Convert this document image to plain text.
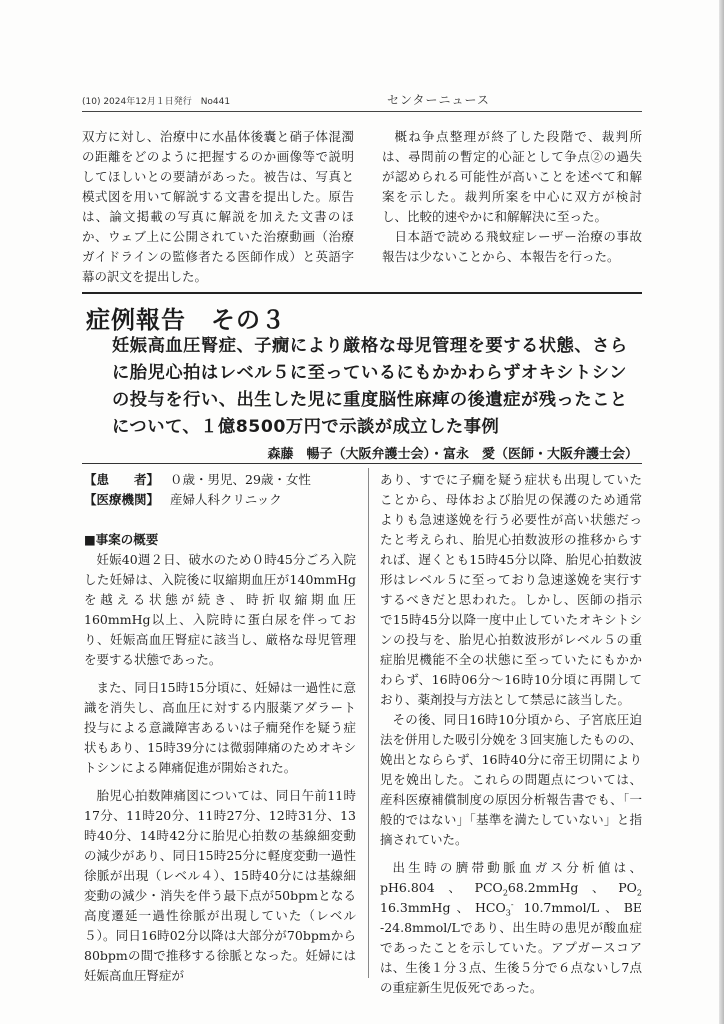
(10) 2024年12月１日発行　No441	センターニュース

双方に対し、治療中に水晶体後囊と硝子体混濁の距離をどのように把握するのか画像等で説明してほしいとの要請があった。被告は、写真と模式図を用いて解説する文書を提出した。原告は、論文掲載の写真に解説を加えた文書のほか、ウェブ上に公開されていた治療動画（治療ガイドラインの監修者たる医師作成）と英語字幕の訳文を提出した。

概ね争点整理が終了した段階で、裁判所は、尋問前の暫定的心証として争点②の過失が認められる可能性が高いことを述べて和解案を示した。裁判所案を中心に双方が検討し、比較的速やかに和解解決に至った。

日本語で読める飛蚊症レーザー治療の事故報告は少ないことから、本報告を行った。

症例報告　その３
妊娠高血圧腎症、子癇により厳格な母児管理を要する状態、さらに胎児心拍はレベル５に至っているにもかかわらずオキシトシンの投与を行い、出生した児に重度脳性麻痺の後遺症が残ったことについて、１億8500万円で示談が成立した事例
森藤　暢子（大阪弁護士会）・富永　愛（医師・大阪弁護士会）
【患　　者】 ０歳・男児、29歳・女性
【医療機関】 産婦人科クリニック

■事案の概要

妊娠40週２日、破水のため０時45分ごろ入院した妊婦は、入院後に収縮期血圧が140mmHgを越える状態が続き、時折収縮期血圧160mmHg以上、入院時に蛋白尿を伴っており、妊娠高血圧腎症に該当し、厳格な母児管理を要する状態であった。

また、同日15時15分頃に、妊婦は一過性に意識を消失し、高血圧に対する内服薬アダラート投与による意識障害あるいは子癇発作を疑う症状もあり、15時39分には微弱陣痛のためオキシトシンによる陣痛促進が開始された。

胎児心拍数陣痛図については、同日午前11時17分、11時20分、11時27分、12時31分、13時40分、14時42分に胎児心拍数の基線細変動の減少があり、同日15時25分に軽度変動一過性徐脈が出現（レベル４）、15時40分には基線細変動の減少・消失を伴う最下点が50bpmとなる高度遷延一過性徐脈が出現していた（レベル５）。同日16時02分以降は大部分が70bpmから80bpmの間で推移する徐脈となった。妊婦には妊娠高血圧腎症が

あり、すでに子癇を疑う症状も出現していたことから、母体および胎児の保護のため通常よりも急速遂娩を行う必要性が高い状態だったと考えられ、胎児心拍数波形の推移からすれば、遅くとも15時45分以降、胎児心拍数波形はレベル５に至っており急速遂娩を実行すするべきだと思われた。しかし、医師の指示で15時45分以降一度中止していたオキシトシンの投与を、胎児心拍数波形がレベル５の重症胎児機能不全の状態に至っていたにもかかわらず、16時06分～16時10分頃に再開しており、薬剤投与方法として禁忌に該当した。

その後、同日16時10分頃から、子宮底圧迫法を併用した吸引分娩を３回実施したものの、娩出となららず、16時40分に帝王切開により児を娩出した。これらの問題点については、産科医療補償制度の原因分析報告書でも、「一般的ではない」「基準を満たしていない」と指摘されていた。

出生時の臍帯動脈血ガス分析値は、pH6.804、$PCO_268.2mmHg$、$PO_2$ 16.3mmHg、$HCO_3^-$ 10.7mmol/L、BE -24.8mmol/Lであり、出生時の患児が酸血症であったことを示していた。アプガースコアは、生後１分３点、生後５分で６点ないし7点の重症新生児仮死であった。
